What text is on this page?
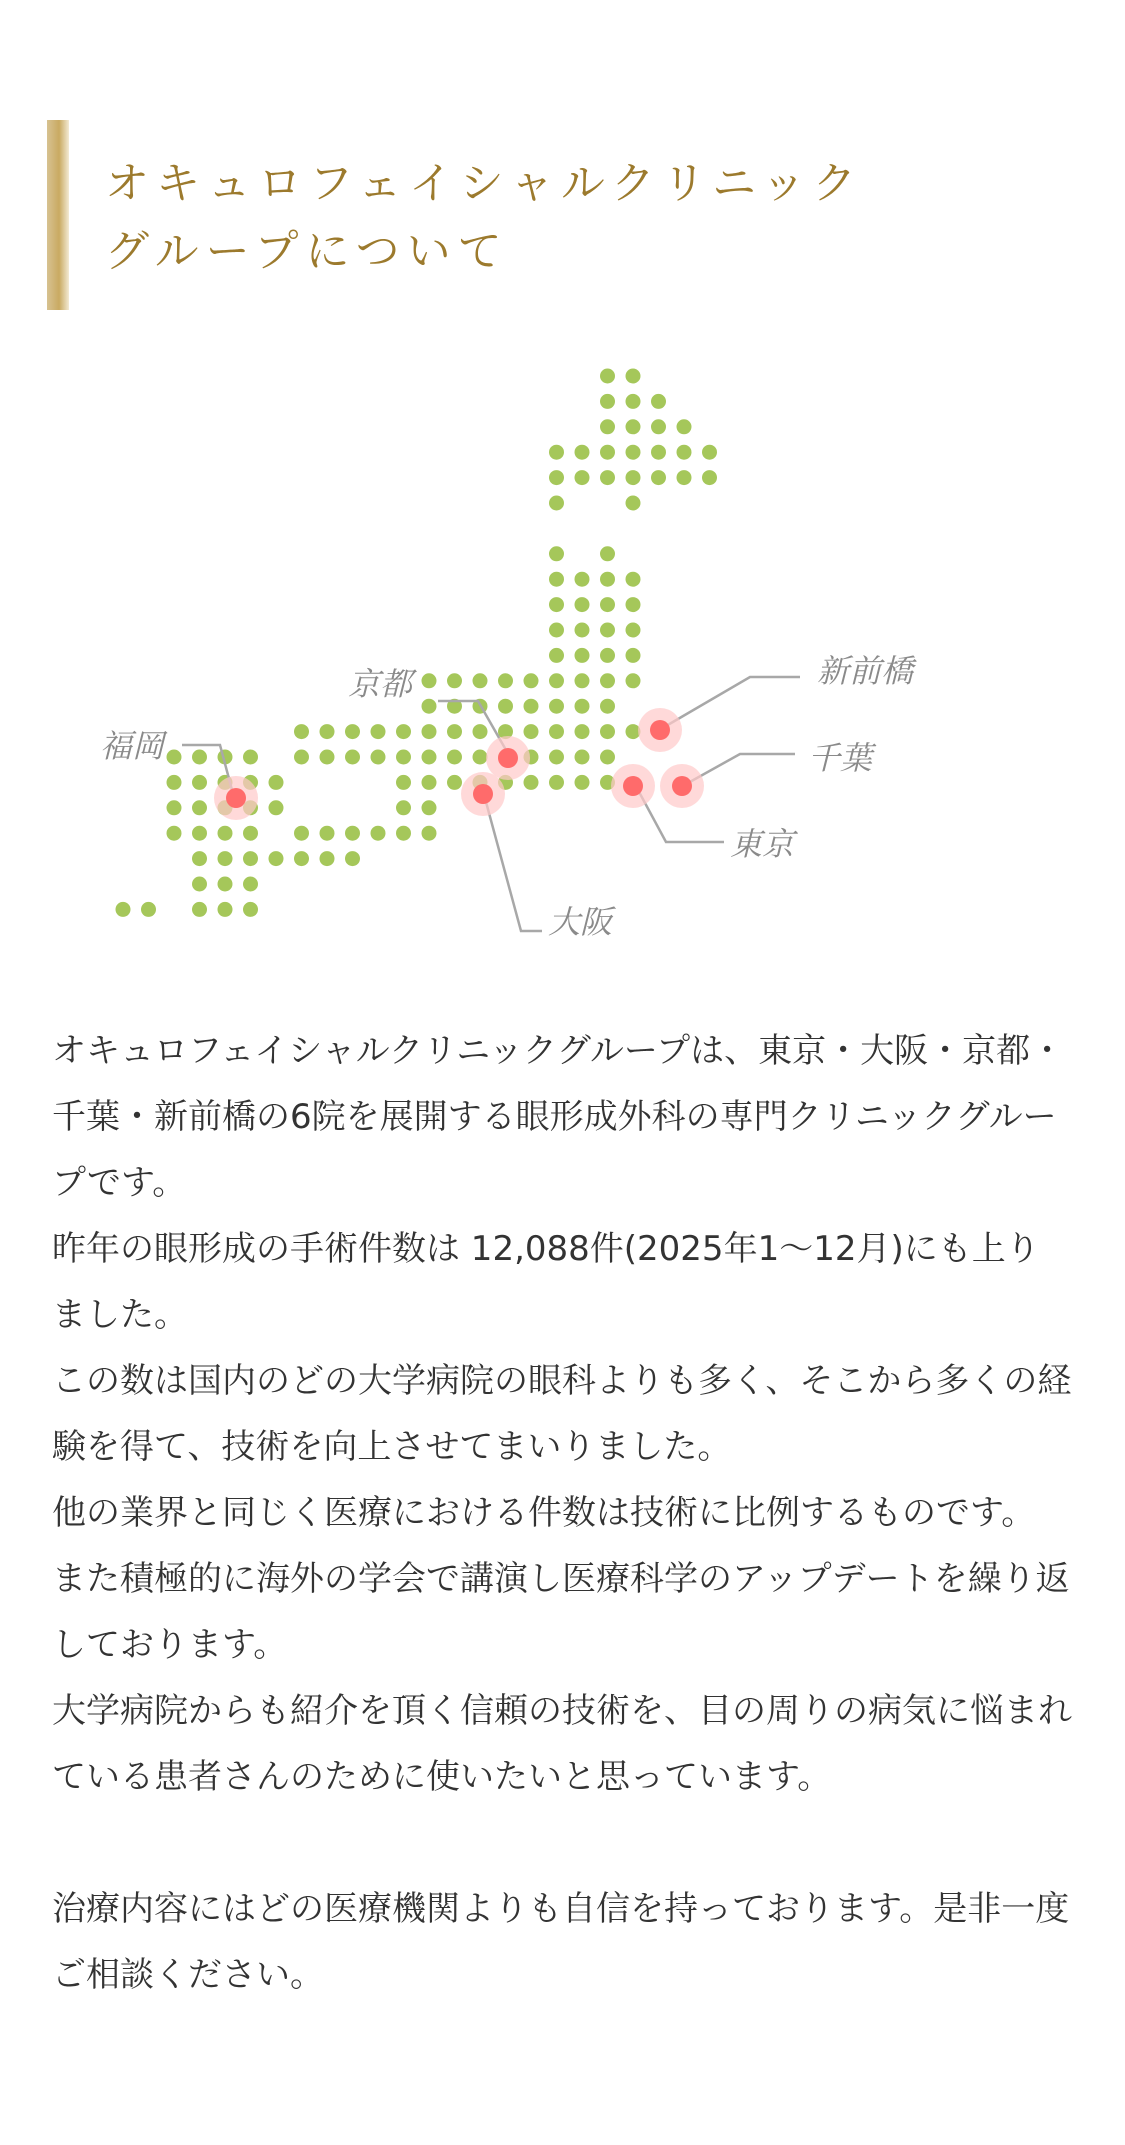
オキュロフェイシャルクリニック
グループについて
福岡
京都
大阪
新前橋
千葉
東京

オキュロフェイシャルクリニックグループは、東京・大阪・京都・千葉・新前橋の6院を展開する眼形成外科の専門クリニックグループです。

昨年の眼形成の手術件数は 12,088件(2025年1〜12月)にも上りました。

この数は国内のどの大学病院の眼科よりも多く、そこから多くの経験を得て、技術を向上させてまいりました。

他の業界と同じく医療における件数は技術に比例するものです。

また積極的に海外の学会で講演し医療科学のアップデートを繰り返しております。

大学病院からも紹介を頂く信頼の技術を、目の周りの病気に悩まれている患者さんのために使いたいと思っています。

治療内容にはどの医療機関よりも自信を持っております。是非一度ご相談ください。
